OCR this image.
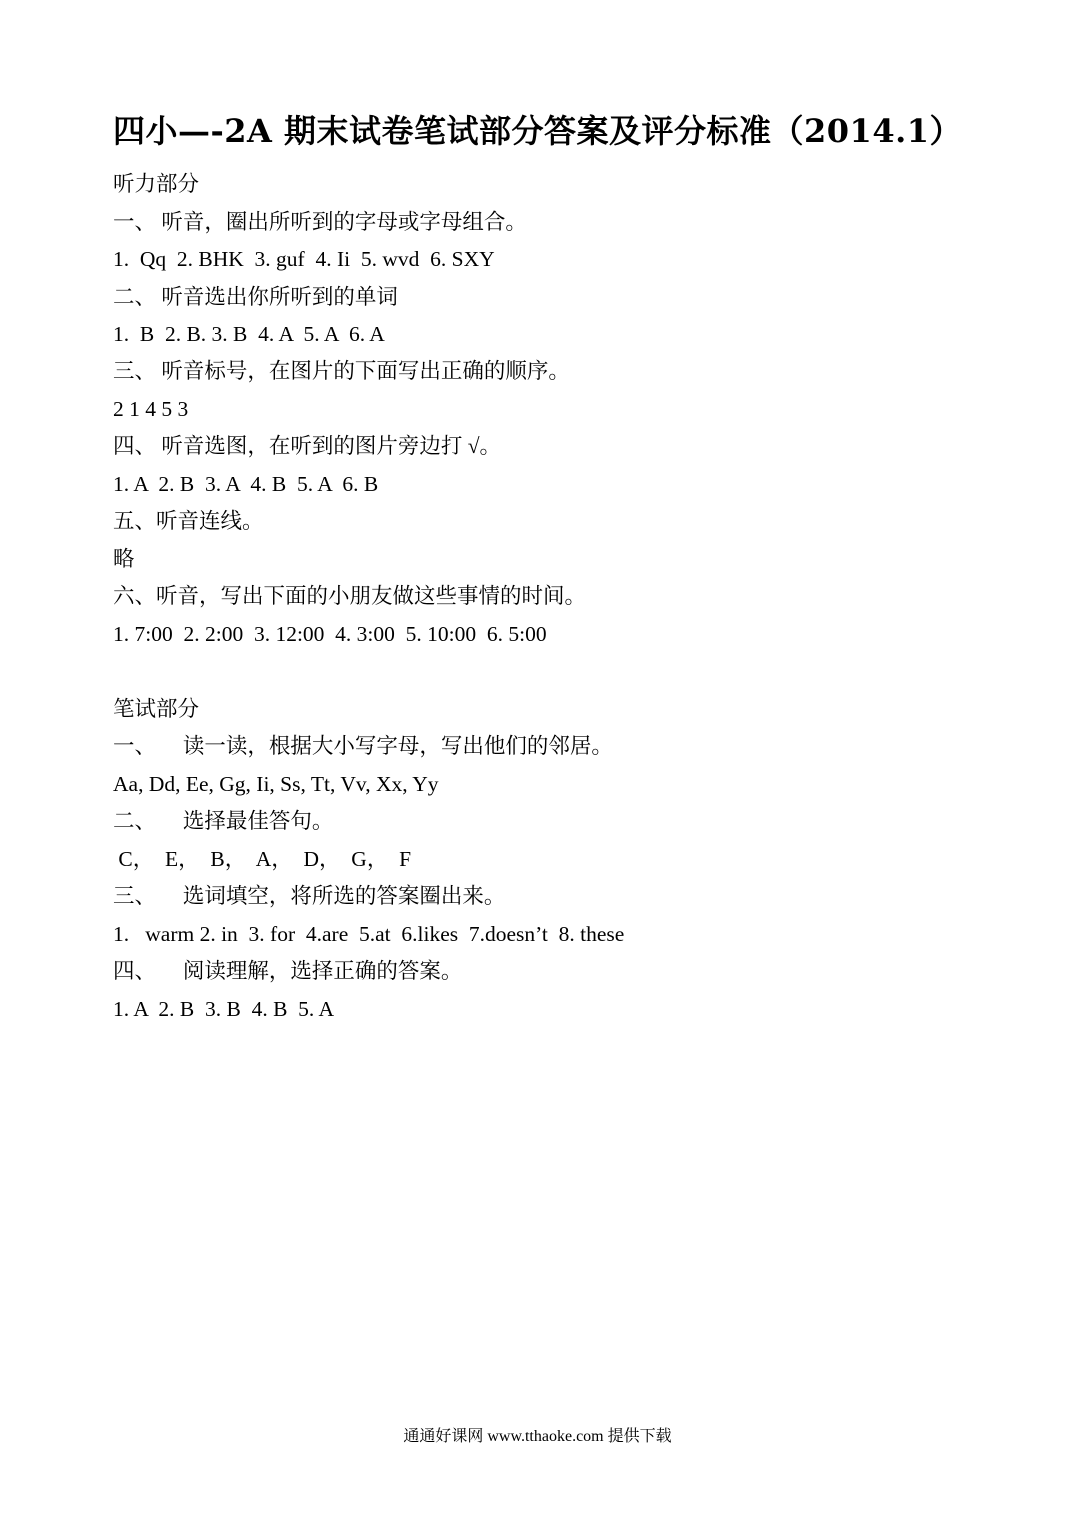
四小—-2A 期末试卷笔试部分答案及评分标准（2014.1）
听力部分
一、 听音，圈出所听到的字母或字母组合。
1.  Qq  2. BHK  3. guf  4. Ii  5. wvd  6. SXY
二、 听音选出你所听到的单词
1.  B  2. B. 3. B  4. A  5. A  6. A
三、 听音标号，在图片的下面写出正确的顺序。
2 1 4 5 3
四、 听音选图，在听到的图片旁边打 √。
1. A  2. B  3. A  4. B  5. A  6. B
五、听音连线。
略
六、听音，写出下面的小朋友做这些事情的时间。
1. 7:00  2. 2:00  3. 12:00  4. 3:00  5. 10:00  6. 5:00
笔试部分
一、     读一读，根据大小写字母，写出他们的邻居。
Aa, Dd, Ee, Gg, Ii, Ss, Tt, Vv, Xx, Yy
二、     选择最佳答句。
C，  E，  B，  A，  D，  G，  F
三、     选词填空，将所选的答案圈出来。
1.   warm 2. in  3. for  4.are  5.at  6.likes  7.doesn’t  8. these
四、     阅读理解，选择正确的答案。
1. A  2. B  3. B  4. B  5. A
通通好课网 www.tthaoke.com 提供下载
